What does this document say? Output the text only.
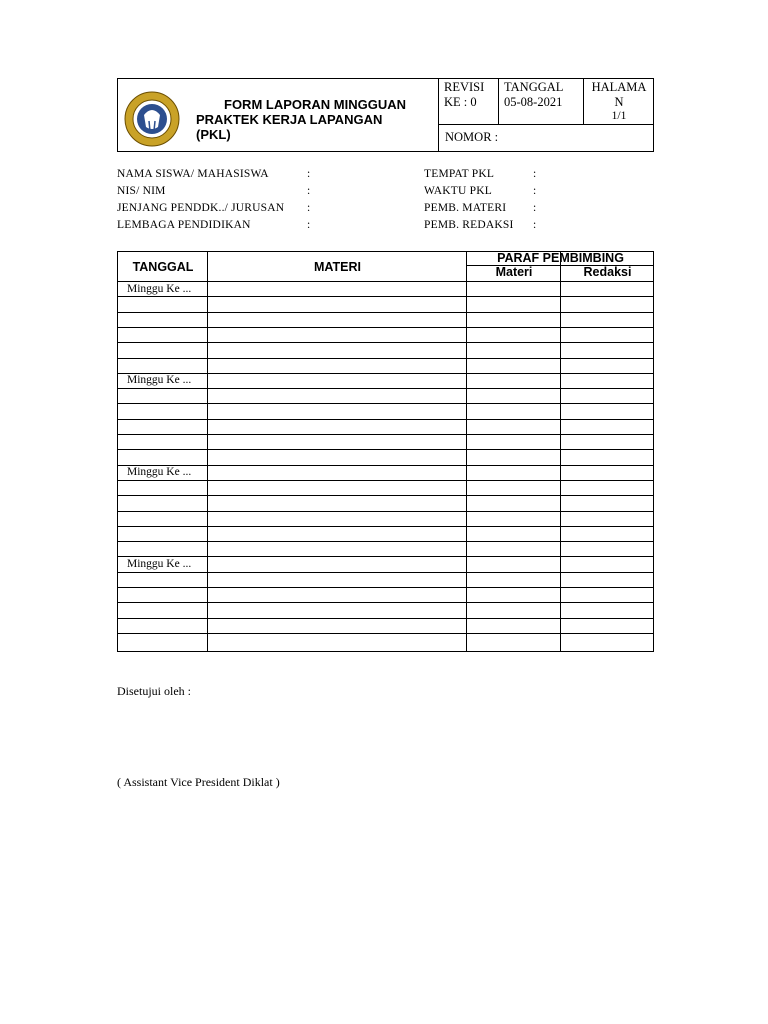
FORM LAPORAN MINGGUAN
PRAKTEK KERJA LAPANGAN
(PKL)
REVISI
KE : 0
TANGGAL
05-08-2021
HALAMA
N
1/1
NOMOR :
NAMA SISWA/ MAHASISWA	:
NIS/ NIM	:
JENJANG PENDDK../ JURUSAN :
LEMBAGA PENDIDIKAN	:
TEMPAT PKL	:
WAKTU PKL	:
PEMB. MATERI :
PEMB. REDAKSI :
TANGGAL	MATERI
PARAF PEMBIMBING
Materi	Redaksi
Minggu Ke ...
Minggu Ke ...
Minggu Ke ...
Minggu Ke ...
Disetujui oleh :
( Assistant Vice President Diklat )
